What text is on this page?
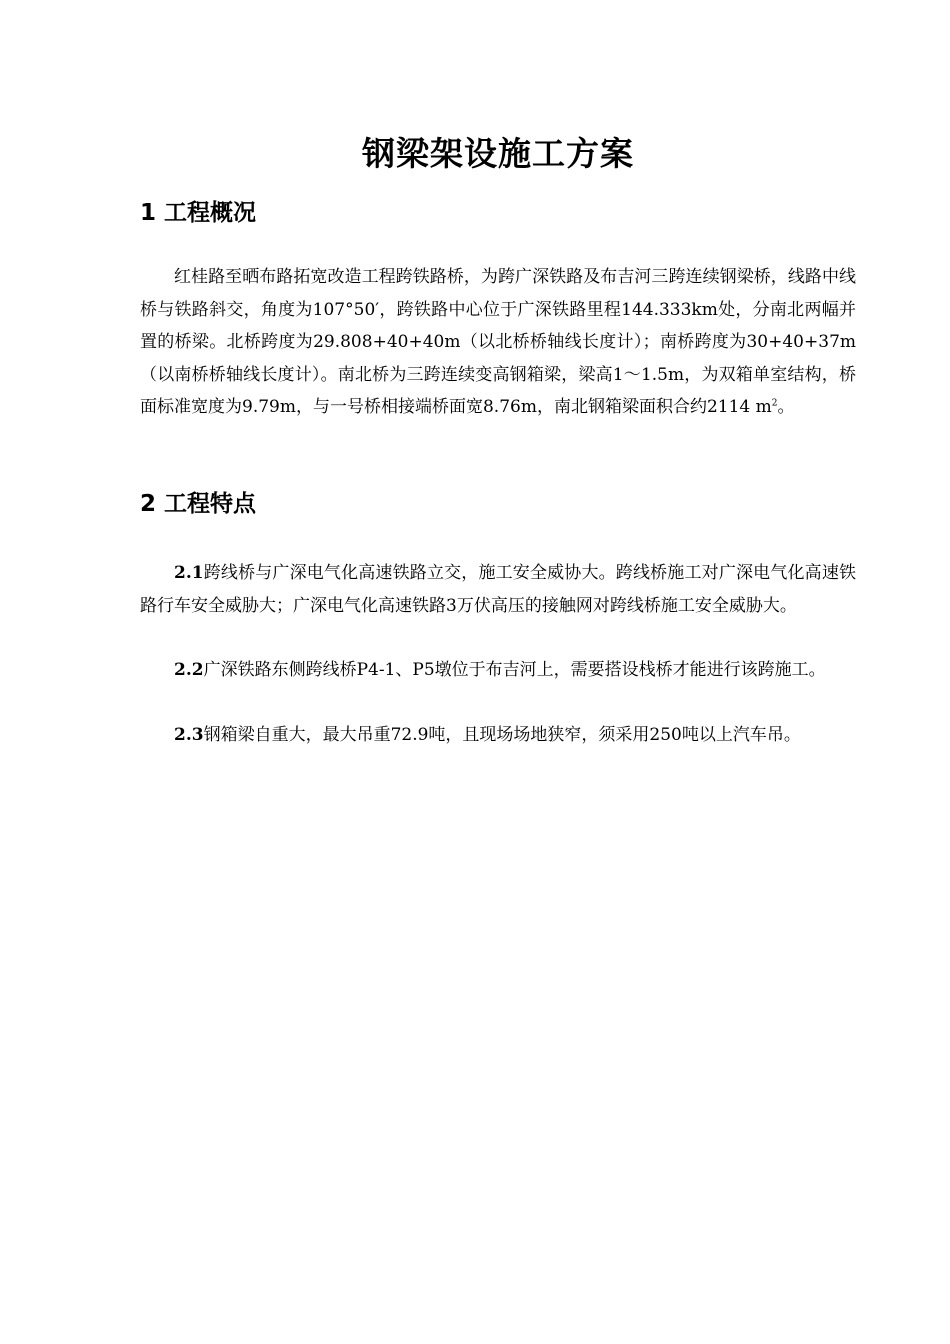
钢梁架设施工方案
1 工程概况

红桂路至晒布路拓宽改造工程跨铁路桥，为跨广深铁路及布吉河三跨连续钢梁桥，线路中线桥与铁路斜交，角度为107°50′，跨铁路中心位于广深铁路里程144.333km处，分南北两幅并置的桥梁。北桥跨度为29.808+40+40m（以北桥桥轴线长度计）；南桥跨度为30+40+37m（以南桥桥轴线长度计）。南北桥为三跨连续变高钢箱梁，梁高1～1.5m，为双箱单室结构，桥面标准宽度为9.79m，与一号桥相接端桥面宽8.76m，南北钢箱梁面积合约2114 $m^2$。

2 工程特点

2.1跨线桥与广深电气化高速铁路立交，施工安全威协大。跨线桥施工对广深电气化高速铁路行车安全威胁大；广深电气化高速铁路3万伏高压的接触网对跨线桥施工安全威胁大。

2.2广深铁路东侧跨线桥P4-1、P5墩位于布吉河上，需要搭设栈桥才能进行该跨施工。

2.3钢箱梁自重大，最大吊重72.9吨，且现场场地狭窄，须采用250吨以上汽车吊。
